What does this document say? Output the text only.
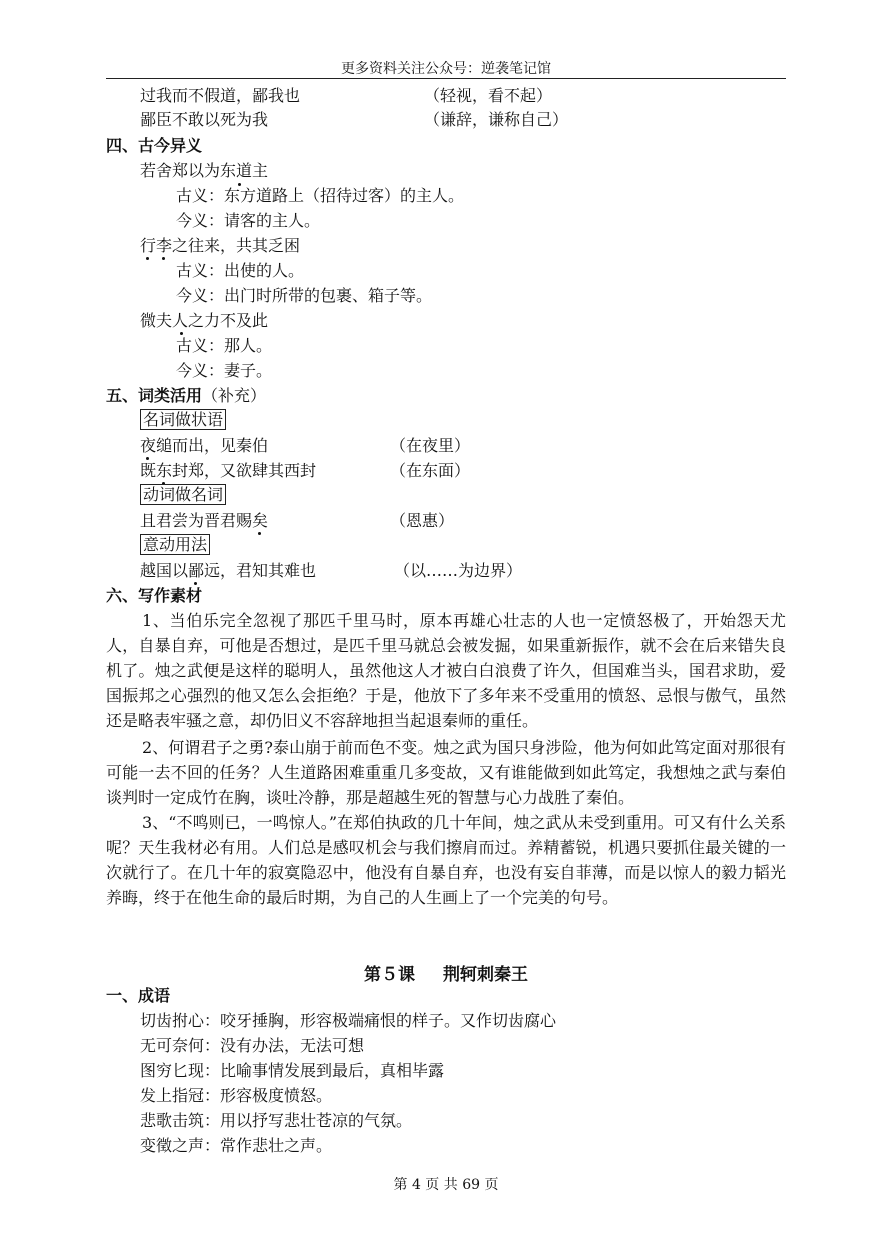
更多资料关注公众号：逆袭笔记馆
过我而不假道，鄙我也	（轻视，看不起）
鄙臣不敢以死为我	（谦辞，谦称自己）
四、古今异义
若舍郑以为东道主
古义：东方道路上（招待过客）的主人。
今义：请客的主人。
行李之往来，共其乏困
古义：出使的人。
今义：出门时所带的包裹、箱子等。
微夫人之力不及此
古义：那人。
今义：妻子。
五、词类活用（补充）
名词做状语
夜缒而出，见秦伯	（在夜里）
既东封郑，又欲肆其西封	（在东面）
动词做名词
且君尝为晋君赐矣	（恩惠）
意动用法
越国以鄙远，君知其难也	（以……为边界）
六、写作素材
1、当伯乐完全忽视了那匹千里马时，原本再雄心壮志的人也一定愤怒极了，开始怨天尤人，自暴自弃，可他是否想过，是匹千里马就总会被发掘，如果重新振作，就不会在后来错失良机了。烛之武便是这样的聪明人，虽然他这人才被白白浪费了许久，但国难当头，国君求助，爱国振邦之心强烈的他又怎么会拒绝？于是，他放下了多年来不受重用的愤怒、忌恨与傲气，虽然还是略表牢骚之意，却仍旧义不容辞地担当起退秦师的重任。
2、何谓君子之勇?泰山崩于前而色不变。烛之武为国只身涉险，他为何如此笃定面对那很有可能一去不回的任务？人生道路困难重重几多变故，又有谁能做到如此笃定，我想烛之武与秦伯谈判时一定成竹在胸，谈吐冷静，那是超越生死的智慧与心力战胜了秦伯。
3、“不鸣则已，一鸣惊人。”在郑伯执政的几十年间，烛之武从未受到重用。可又有什么关系呢？天生我材必有用。人们总是感叹机会与我们擦肩而过。养精蓄锐，机遇只要抓住最关键的一次就行了。在几十年的寂寞隐忍中，他没有自暴自弃，也没有妄自菲薄，而是以惊人的毅力韬光养晦，终于在他生命的最后时期，为自己的人生画上了一个完美的句号。
第５课 荆轲刺秦王
一、成语
切齿拊心：咬牙捶胸，形容极端痛恨的样子。又作切齿腐心
无可奈何：没有办法，无法可想
图穷匕现：比喻事情发展到最后，真相毕露
发上指冠：形容极度愤怒。
悲歌击筑：用以抒写悲壮苍凉的气氛。
变徵之声：常作悲壮之声。
第 4 页 共 69 页
